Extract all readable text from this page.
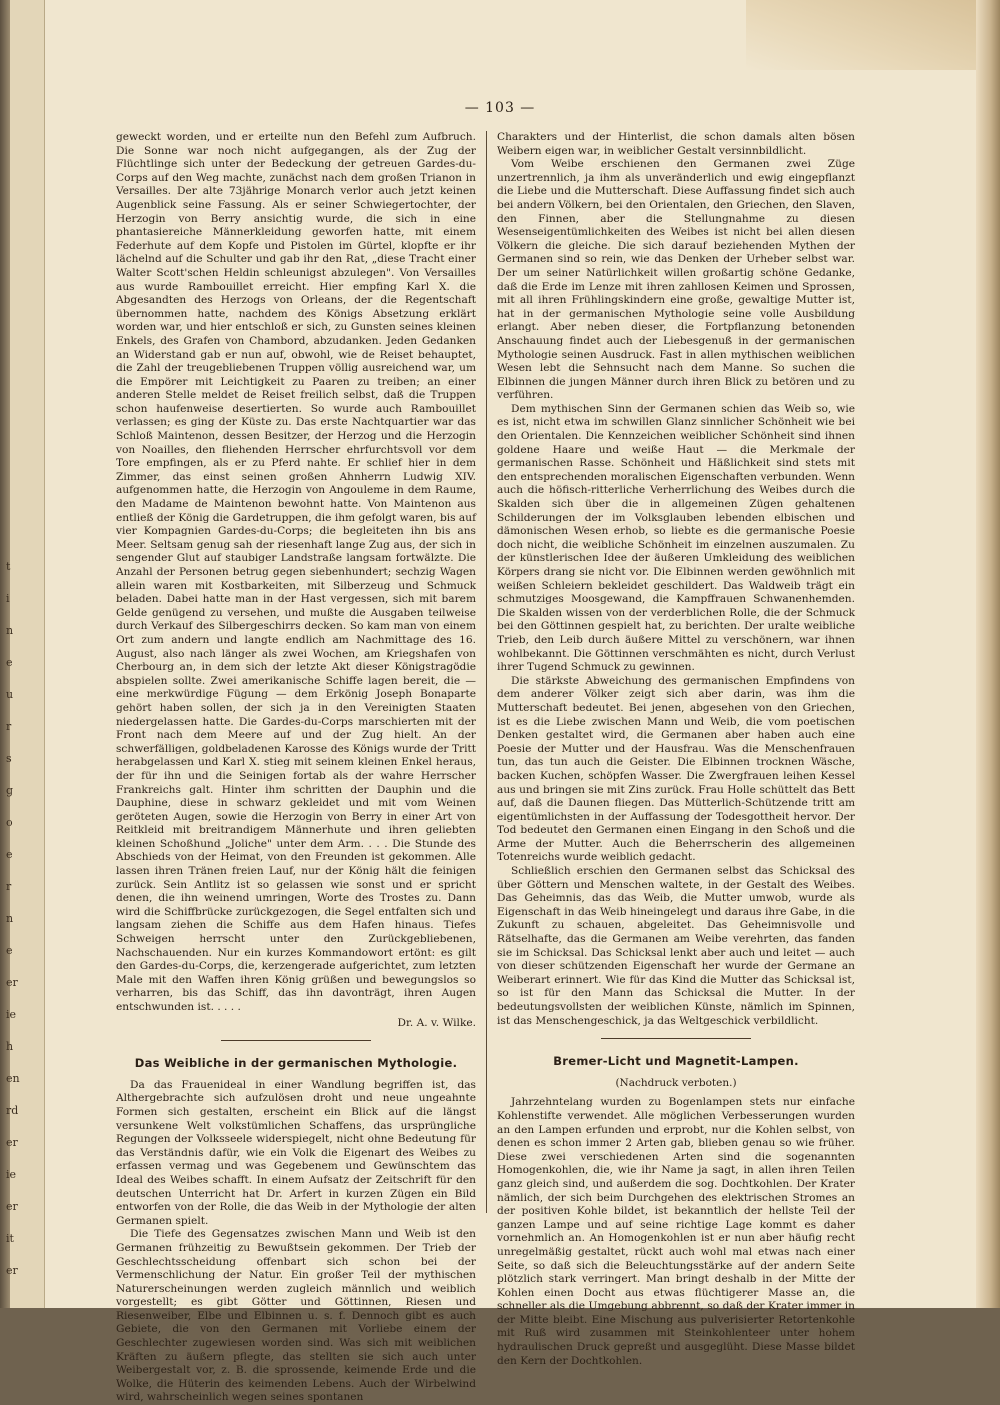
t
i
n
e
u
r
s
g
o
e
r
n
e
er
ie
h
en
rd
er
ie
er
it
er
— 103 —

geweckt worden, und er erteilte nun den Befehl zum Aufbruch. Die Sonne war noch nicht aufgegangen, als der Zug der Flüchtlinge sich unter der Bedeckung der getreuen Gardes-du-Corps auf den Weg machte, zunächst nach dem großen Trianon in Versailles. Der alte 73jährige Monarch verlor auch jetzt keinen Augenblick seine Fassung. Als er seiner Schwiegertochter, der Herzogin von Berry ansichtig wurde, die sich in eine phantasiereiche Männerkleidung geworfen hatte, mit einem Federhute auf dem Kopfe und Pistolen im Gürtel, klopfte er ihr lächelnd auf die Schulter und gab ihr den Rat, „diese Tracht einer Walter Scott'schen Heldin schleunigst abzulegen". Von Versailles aus wurde Rambouillet erreicht. Hier empfing Karl X. die Abgesandten des Herzogs von Orleans, der die Regentschaft übernommen hatte, nachdem des Königs Absetzung erklärt worden war, und hier entschloß er sich, zu Gunsten seines kleinen Enkels, des Grafen von Chambord, abzudanken. Jeden Gedanken an Widerstand gab er nun auf, obwohl, wie de Reiset behauptet, die Zahl der treugebliebenen Truppen völlig ausreichend war, um die Empörer mit Leichtigkeit zu Paaren zu treiben; an einer anderen Stelle meldet de Reiset freilich selbst, daß die Truppen schon haufenweise desertierten. So wurde auch Rambouillet verlassen; es ging der Küste zu. Das erste Nachtquartier war das Schloß Maintenon, dessen Besitzer, der Herzog und die Herzogin von Noailles, den fliehenden Herrscher ehrfurchtsvoll vor dem Tore empfingen, als er zu Pferd nahte. Er schlief hier in dem Zimmer, das einst seinen großen Ahnherrn Ludwig XIV. aufgenommen hatte, die Herzogin von Angouleme in dem Raume, den Madame de Maintenon bewohnt hatte. Von Maintenon aus entließ der König die Gardetruppen, die ihm gefolgt waren, bis auf vier Kompagnien Gardes-du-Corps; die begleiteten ihn bis ans Meer. Seltsam genug sah der riesenhaft lange Zug aus, der sich in sengender Glut auf staubiger Landstraße langsam fortwälzte. Die Anzahl der Personen betrug gegen siebenhundert; sechzig Wagen allein waren mit Kostbarkeiten, mit Silberzeug und Schmuck beladen. Dabei hatte man in der Hast vergessen, sich mit barem Gelde genügend zu versehen, und mußte die Ausgaben teilweise durch Verkauf des Silbergeschirrs decken. So kam man von einem Ort zum andern und langte endlich am Nachmittage des 16. August, also nach länger als zwei Wochen, am Kriegshafen von Cherbourg an, in dem sich der letzte Akt dieser Königstragödie abspielen sollte. Zwei amerikanische Schiffe lagen bereit, die — eine merkwürdige Fügung — dem Erkönig Joseph Bonaparte gehört haben sollen, der sich ja in den Vereinigten Staaten niedergelassen hatte. Die Gardes-du-Corps marschierten mit der Front nach dem Meere auf und der Zug hielt. An der schwerfälligen, goldbeladenen Karosse des Königs wurde der Tritt herabgelassen und Karl X. stieg mit seinem kleinen Enkel heraus, der für ihn und die Seinigen fortab als der wahre Herrscher Frankreichs galt. Hinter ihm schritten der Dauphin und die Dauphine, diese in schwarz gekleidet und mit vom Weinen geröteten Augen, sowie die Herzogin von Berry in einer Art von Reitkleid mit breitrandigem Männerhute und ihren geliebten kleinen Schoßhund „Joliche" unter dem Arm. . . . Die Stunde des Abschieds von der Heimat, von den Freunden ist gekommen. Alle lassen ihren Tränen freien Lauf, nur der König hält die feinigen zurück. Sein Antlitz ist so gelassen wie sonst und er spricht denen, die ihn weinend umringen, Worte des Trostes zu. Dann wird die Schiffbrücke zurückgezogen, die Segel entfalten sich und langsam ziehen die Schiffe aus dem Hafen hinaus. Tiefes Schweigen herrscht unter den Zurückgebliebenen, Nachschauenden. Nur ein kurzes Kommandowort ertönt: es gilt den Gardes-du-Corps, die, kerzengerade aufgerichtet, zum letzten Male mit den Waffen ihren König grüßen und bewegungslos so verharren, bis das Schiff, das ihn davonträgt, ihren Augen entschwunden ist. . . . .

Dr. A. v. Wilke.
Das Weibliche in der germanischen Mythologie.

Da das Frauenideal in einer Wandlung begriffen ist, das Althergebrachte sich aufzulösen droht und neue ungeahnte Formen sich gestalten, erscheint ein Blick auf die längst versunkene Welt volkstümlichen Schaffens, das ursprüngliche Regungen der Volksseele widerspiegelt, nicht ohne Bedeutung für das Verständnis dafür, wie ein Volk die Eigenart des Weibes zu erfassen vermag und was Gegebenem und Gewünschtem das Ideal des Weibes schafft. In einem Aufsatz der Zeitschrift für den deutschen Unterricht hat Dr. Arfert in kurzen Zügen ein Bild entworfen von der Rolle, die das Weib in der Mythologie der alten Germanen spielt.

Die Tiefe des Gegensatzes zwischen Mann und Weib ist den Germanen frühzeitig zu Bewußtsein gekommen. Der Trieb der Geschlechtsscheidung offenbart sich schon bei der Vermenschlichung der Natur. Ein großer Teil der mythischen Naturerscheinungen werden zugleich männlich und weiblich vorgestellt; es gibt Götter und Göttinnen, Riesen und Riesenweiber, Elbe und Elbinnen u. s. f. Dennoch gibt es auch Gebiete, die von den Germanen mit Vorliebe einem der Geschlechter zugewiesen worden sind. Was sich mit weiblichen Kräften zu äußern pflegte, das stellten sie sich auch unter Weibergestalt vor, z. B. die sprossende, keimende Erde und die Wolke, die Hüterin des keimenden Lebens. Auch der Wirbelwind wird, wahrscheinlich wegen seines spontanen

Charakters und der Hinterlist, die schon damals alten bösen Weibern eigen war, in weiblicher Gestalt versinnbildlicht.

Vom Weibe erschienen den Germanen zwei Züge unzertrennlich, ja ihm als unveränderlich und ewig eingepflanzt die Liebe und die Mutterschaft. Diese Auffassung findet sich auch bei andern Völkern, bei den Orientalen, den Griechen, den Slaven, den Finnen, aber die Stellungnahme zu diesen Wesenseigentümlichkeiten des Weibes ist nicht bei allen diesen Völkern die gleiche. Die sich darauf beziehenden Mythen der Germanen sind so rein, wie das Denken der Urheber selbst war. Der um seiner Natürlichkeit willen großartig schöne Gedanke, daß die Erde im Lenze mit ihren zahllosen Keimen und Sprossen, mit all ihren Frühlingskindern eine große, gewaltige Mutter ist, hat in der germanischen Mythologie seine volle Ausbildung erlangt. Aber neben dieser, die Fortpflanzung betonenden Anschauung findet auch der Liebesgenuß in der germanischen Mythologie seinen Ausdruck. Fast in allen mythischen weiblichen Wesen lebt die Sehnsucht nach dem Manne. So suchen die Elbinnen die jungen Männer durch ihren Blick zu betören und zu verführen.

Dem mythischen Sinn der Germanen schien das Weib so, wie es ist, nicht etwa im schwillen Glanz sinnlicher Schönheit wie bei den Orientalen. Die Kennzeichen weiblicher Schönheit sind ihnen goldene Haare und weiße Haut — die Merkmale der germanischen Rasse. Schönheit und Häßlichkeit sind stets mit den entsprechenden moralischen Eigenschaften verbunden. Wenn auch die höfisch-ritterliche Verherrlichung des Weibes durch die Skalden sich über die in allgemeinen Zügen gehaltenen Schilderungen der im Volksglauben lebenden elbischen und dämonischen Wesen erhob, so liebte es die germanische Poesie doch nicht, die weibliche Schönheit im einzelnen auszumalen. Zu der künstlerischen Idee der äußeren Umkleidung des weiblichen Körpers drang sie nicht vor. Die Elbinnen werden gewöhnlich mit weißen Schleiern bekleidet geschildert. Das Waldweib trägt ein schmutziges Moosgewand, die Kampffrauen Schwanenhemden. Die Skalden wissen von der verderblichen Rolle, die der Schmuck bei den Göttinnen gespielt hat, zu berichten. Der uralte weibliche Trieb, den Leib durch äußere Mittel zu verschönern, war ihnen wohlbekannt. Die Göttinnen verschmähten es nicht, durch Verlust ihrer Tugend Schmuck zu gewinnen.

Die stärkste Abweichung des germanischen Empfindens von dem anderer Völker zeigt sich aber darin, was ihm die Mutterschaft bedeutet. Bei jenen, abgesehen von den Griechen, ist es die Liebe zwischen Mann und Weib, die vom poetischen Denken gestaltet wird, die Germanen aber haben auch eine Poesie der Mutter und der Hausfrau. Was die Menschenfrauen tun, das tun auch die Geister. Die Elbinnen trocknen Wäsche, backen Kuchen, schöpfen Wasser. Die Zwergfrauen leihen Kessel aus und bringen sie mit Zins zurück. Frau Holle schüttelt das Bett auf, daß die Daunen fliegen. Das Mütterlich-Schützende tritt am eigentümlichsten in der Auffassung der Todesgottheit hervor. Der Tod bedeutet den Germanen einen Eingang in den Schoß und die Arme der Mutter. Auch die Beherrscherin des allgemeinen Totenreichs wurde weiblich gedacht.

Schließlich erschien den Germanen selbst das Schicksal des über Göttern und Menschen waltete, in der Gestalt des Weibes. Das Geheimnis, das das Weib, die Mutter umwob, wurde als Eigenschaft in das Weib hineingelegt und daraus ihre Gabe, in die Zukunft zu schauen, abgeleitet. Das Geheimnisvolle und Rätselhafte, das die Germanen am Weibe verehrten, das fanden sie im Schicksal. Das Schicksal lenkt aber auch und leitet — auch von dieser schützenden Eigenschaft her wurde der Germane an Weiberart erinnert. Wie für das Kind die Mutter das Schicksal ist, so ist für den Mann das Schicksal die Mutter. In der bedeutungsvollsten der weiblichen Künste, nämlich im Spinnen, ist das Menschengeschick, ja das Weltgeschick verbildlicht.

Bremer-Licht und Magnetit-Lampen.
(Nachdruck verboten.)

Jahrzehntelang wurden zu Bogenlampen stets nur einfache Kohlenstifte verwendet. Alle möglichen Verbesserungen wurden an den Lampen erfunden und erprobt, nur die Kohlen selbst, von denen es schon immer 2 Arten gab, blieben genau so wie früher. Diese zwei verschiedenen Arten sind die sogenannten Homogenkohlen, die, wie ihr Name ja sagt, in allen ihren Teilen ganz gleich sind, und außerdem die sog. Dochtkohlen. Der Krater nämlich, der sich beim Durchgehen des elektrischen Stromes an der positiven Kohle bildet, ist bekanntlich der hellste Teil der ganzen Lampe und auf seine richtige Lage kommt es daher vornehmlich an. An Homogenkohlen ist er nun aber häufig recht unregelmäßig gestaltet, rückt auch wohl mal etwas nach einer Seite, so daß sich die Beleuchtungsstärke auf der andern Seite plötzlich stark verringert. Man bringt deshalb in der Mitte der Kohlen einen Docht aus etwas flüchtigerer Masse an, die schneller als die Umgebung abbrennt, so daß der Krater immer in der Mitte bleibt. Eine Mischung aus pulverisierter Retortenkohle mit Ruß wird zusammen mit Steinkohlenteer unter hohem hydraulischen Druck gepreßt und ausgeglüht. Diese Masse bildet den Kern der Dochtkohlen.
